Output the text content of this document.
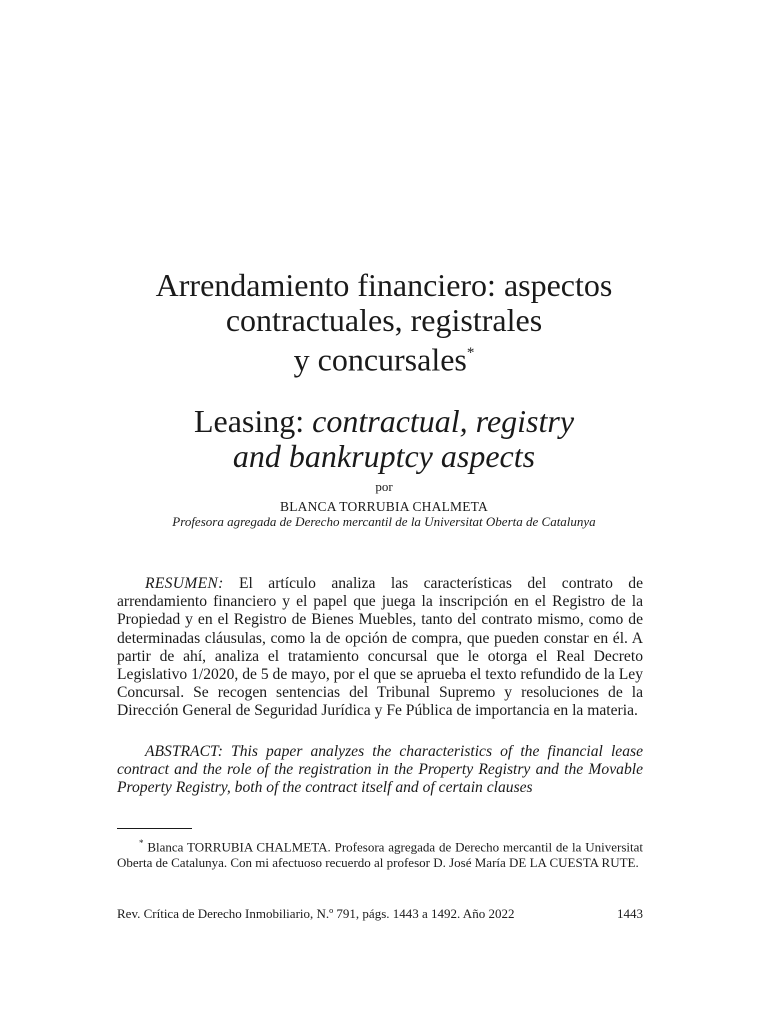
Arrendamiento financiero: aspectos
contractuales, registrales
y concursales*
Leasing: contractual, registry
and bankruptcy aspects
por
BLANCA TORRUBIA CHALMETA
Profesora agregada de Derecho mercantil de la Universitat Oberta de Catalunya

RESUMEN: El artículo analiza las características del contrato de arrendamiento financiero y el papel que juega la inscripción en el Registro de la Propiedad y en el Registro de Bienes Muebles, tanto del contrato mismo, como de determinadas cláusulas, como la de opción de compra, que pueden constar en él. A partir de ahí, analiza el tratamiento concursal que le otorga el Real Decreto Legislativo 1/2020, de 5 de mayo, por el que se aprueba el texto refundido de la Ley Concursal. Se recogen sentencias del Tribunal Supremo y resoluciones de la Dirección General de Seguridad Jurídica y Fe Pública de importancia en la materia.

ABSTRACT: This paper analyzes the characteristics of the financial lease contract and the role of the registration in the Property Registry and the Movable Property Registry, both of the contract itself and of certain clauses

* Blanca TORRUBIA CHALMETA. Profesora agregada de Derecho mercantil de la Universitat Oberta de Catalunya. Con mi afectuoso recuerdo al profesor D. José María DE LA CUESTA RUTE.

Rev. Crítica de Derecho Inmobiliario, N.º 791, págs. 1443 a 1492. Año 2022	1443
